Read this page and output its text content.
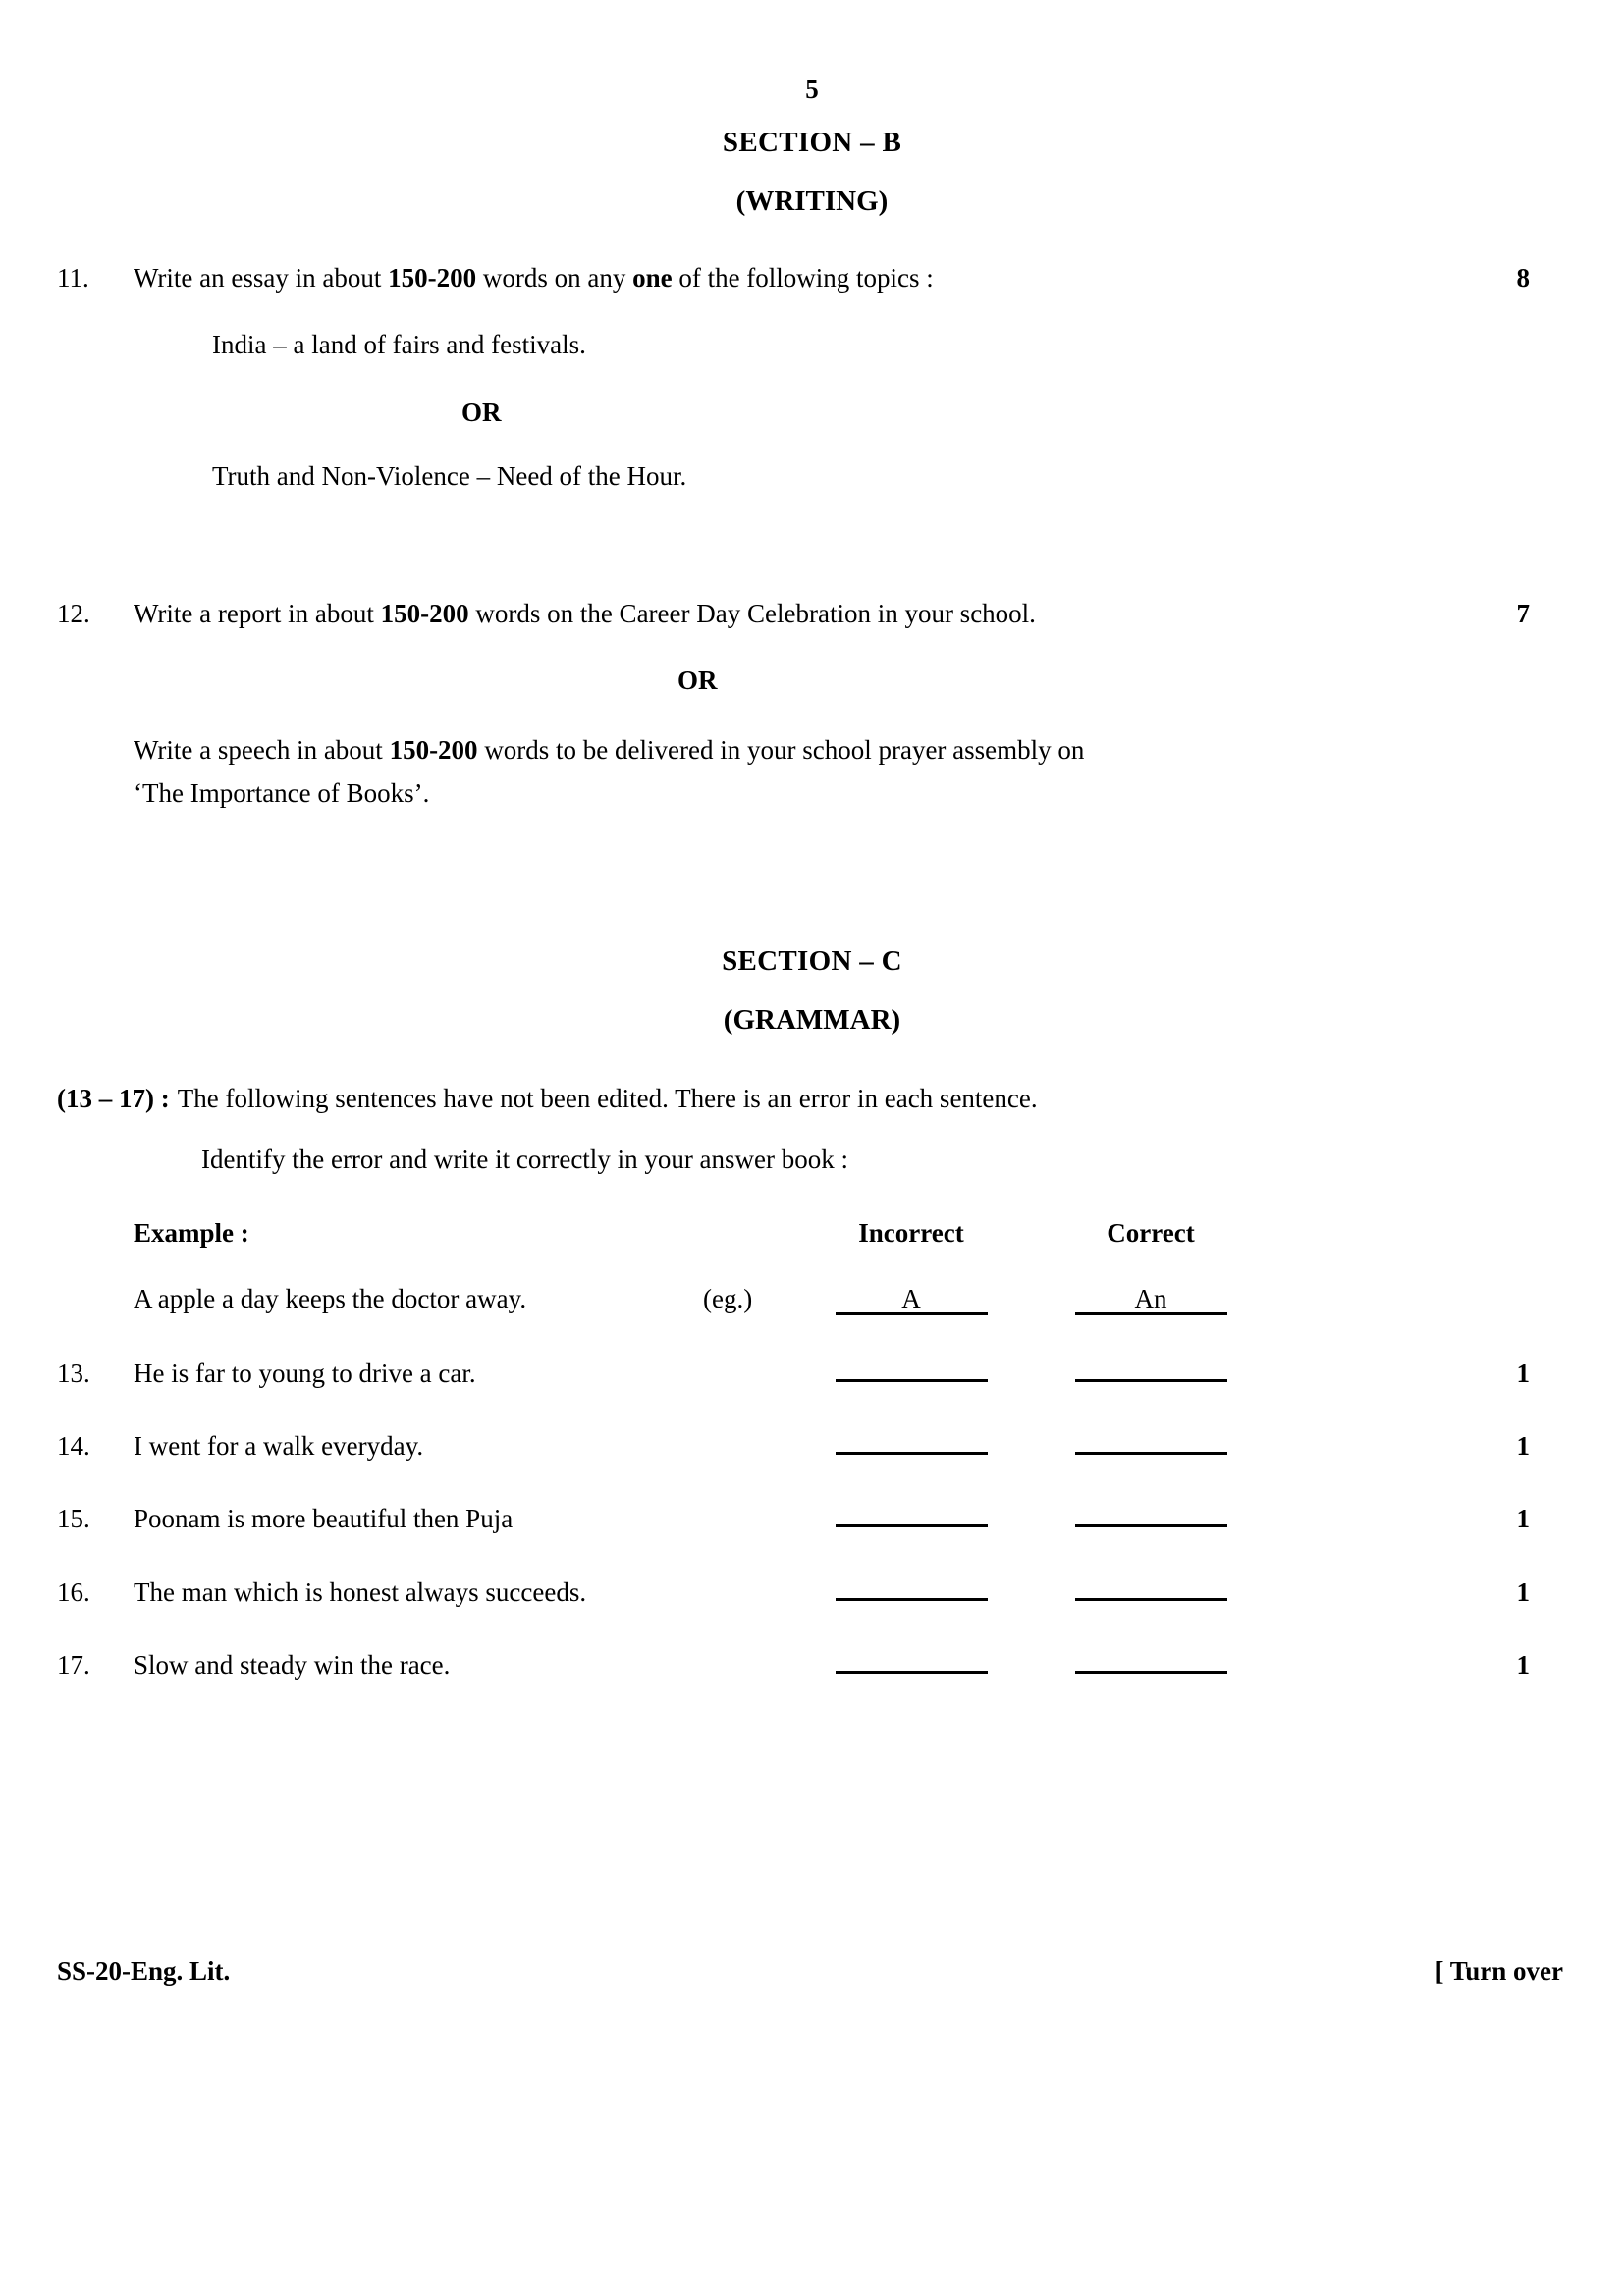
5
SECTION – B
(WRITING)
11.	Write an essay in about 150-200 words on any one of the following topics :	8
India – a land of fairs and festivals.
OR
Truth and Non-Violence – Need of the Hour.
12.	Write a report in about 150-200 words on the Career Day Celebration in your school.	7
OR
Write a speech in about 150-200 words to be delivered in your school prayer assembly on
‘The Importance of Books’.
SECTION – C
(GRAMMAR)
(13 – 17) : The following sentences have not been edited. There is an error in each sentence.
Identify the error and write it correctly in your answer book :
Example :	Incorrect	Correct
A apple a day keeps the doctor away.	(eg.)	A	An
13.	He is far to young to drive a car.	1
14.	I went for a walk everyday.	1
15.	Poonam is more beautiful then Puja	1
16.	The man which is honest always succeeds.	1
17.	Slow and steady win the race.	1
SS-20-Eng. Lit.	[ Turn over
